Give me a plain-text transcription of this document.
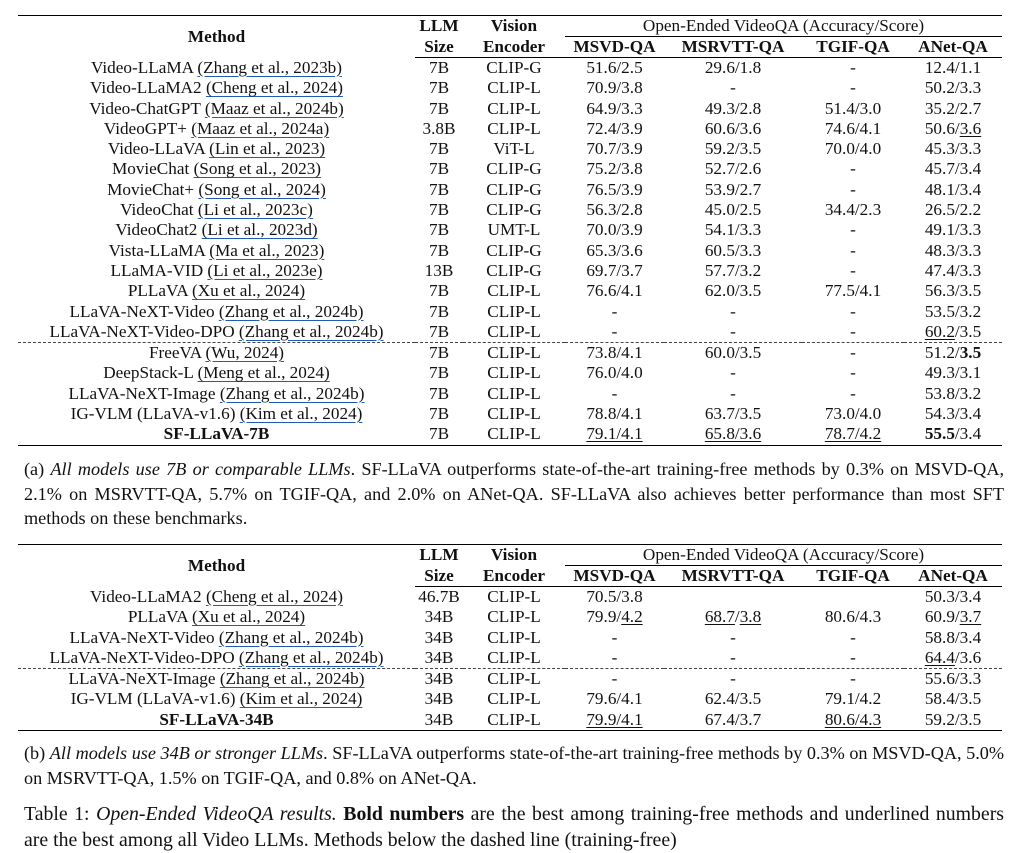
Method	LLM	Vision	Open-Ended VideoQA (Accuracy/Score)			
	Size	Encoder	MSVD-QA	MSRVTT-QA	TGIF-QA	ANet-QA
Video-LLaMA (Zhang et al., 2023b)	7B	CLIP-G	51.6/2.5	29.6/1.8	-	12.4/1.1
Video-LLaMA2 (Cheng et al., 2024)	7B	CLIP-L	70.9/3.8	-	-	50.2/3.3
Video-ChatGPT (Maaz et al., 2024b)	7B	CLIP-L	64.9/3.3	49.3/2.8	51.4/3.0	35.2/2.7
VideoGPT+ (Maaz et al., 2024a)	3.8B	CLIP-L	72.4/3.9	60.6/3.6	74.6/4.1	50.6/3.6
Video-LLaVA (Lin et al., 2023)	7B	ViT-L	70.7/3.9	59.2/3.5	70.0/4.0	45.3/3.3
MovieChat (Song et al., 2023)	7B	CLIP-G	75.2/3.8	52.7/2.6	-	45.7/3.4
MovieChat+ (Song et al., 2024)	7B	CLIP-G	76.5/3.9	53.9/2.7	-	48.1/3.4
VideoChat (Li et al., 2023c)	7B	CLIP-G	56.3/2.8	45.0/2.5	34.4/2.3	26.5/2.2
VideoChat2 (Li et al., 2023d)	7B	UMT-L	70.0/3.9	54.1/3.3	-	49.1/3.3
Vista-LLaMA (Ma et al., 2023)	7B	CLIP-G	65.3/3.6	60.5/3.3	-	48.3/3.3
LLaMA-VID (Li et al., 2023e)	13B	CLIP-G	69.7/3.7	57.7/3.2	-	47.4/3.3
PLLaVA (Xu et al., 2024)	7B	CLIP-L	76.6/4.1	62.0/3.5	77.5/4.1	56.3/3.5
LLaVA-NeXT-Video (Zhang et al., 2024b)	7B	CLIP-L	-	-	-	53.5/3.2
LLaVA-NeXT-Video-DPO (Zhang et al., 2024b)	7B	CLIP-L	-	-	-	60.2/3.5
FreeVA (Wu, 2024)	7B	CLIP-L	73.8/4.1	60.0/3.5	-	51.2/3.5
DeepStack-L (Meng et al., 2024)	7B	CLIP-L	76.0/4.0	-	-	49.3/3.1
LLaVA-NeXT-Image (Zhang et al., 2024b)	7B	CLIP-L	-	-	-	53.8/3.2
IG-VLM (LLaVA-v1.6) (Kim et al., 2024)	7B	CLIP-L	78.8/4.1	63.7/3.5	73.0/4.0	54.3/3.4
SF-LLaVA-7B	7B	CLIP-L	79.1/4.1	65.8/3.6	78.7/4.2	55.5/3.4
(a) All models use 7B or comparable LLMs. SF-LLaVA outperforms state-of-the-art training-free methods by 0.3% on MSVD-QA, 2.1% on MSRVTT-QA, 5.7% on TGIF-QA, and 2.0% on ANet-QA. SF-LLaVA also achieves better performance than most SFT methods on these benchmarks.
Method	LLM	Vision	Open-Ended VideoQA (Accuracy/Score)			
	Size	Encoder	MSVD-QA	MSRVTT-QA	TGIF-QA	ANet-QA
Video-LLaMA2 (Cheng et al., 2024)	46.7B	CLIP-L	70.5/3.8			50.3/3.4
PLLaVA (Xu et al., 2024)	34B	CLIP-L	79.9/4.2	68.7/3.8	80.6/4.3	60.9/3.7
LLaVA-NeXT-Video (Zhang et al., 2024b)	34B	CLIP-L	-	-	-	58.8/3.4
LLaVA-NeXT-Video-DPO (Zhang et al., 2024b)	34B	CLIP-L	-	-	-	64.4/3.6
LLaVA-NeXT-Image (Zhang et al., 2024b)	34B	CLIP-L	-	-	-	55.6/3.3
IG-VLM (LLaVA-v1.6) (Kim et al., 2024)	34B	CLIP-L	79.6/4.1	62.4/3.5	79.1/4.2	58.4/3.5
SF-LLaVA-34B	34B	CLIP-L	79.9/4.1	67.4/3.7	80.6/4.3	59.2/3.5
(b) All models use 34B or stronger LLMs. SF-LLaVA outperforms state-of-the-art training-free methods by 0.3% on MSVD-QA, 5.0% on MSRVTT-QA, 1.5% on TGIF-QA, and 0.8% on ANet-QA.
Table 1: Open-Ended VideoQA results. Bold numbers are the best among training-free methods and underlined numbers are the best among all Video LLMs. Methods below the dashed line (training-free)
